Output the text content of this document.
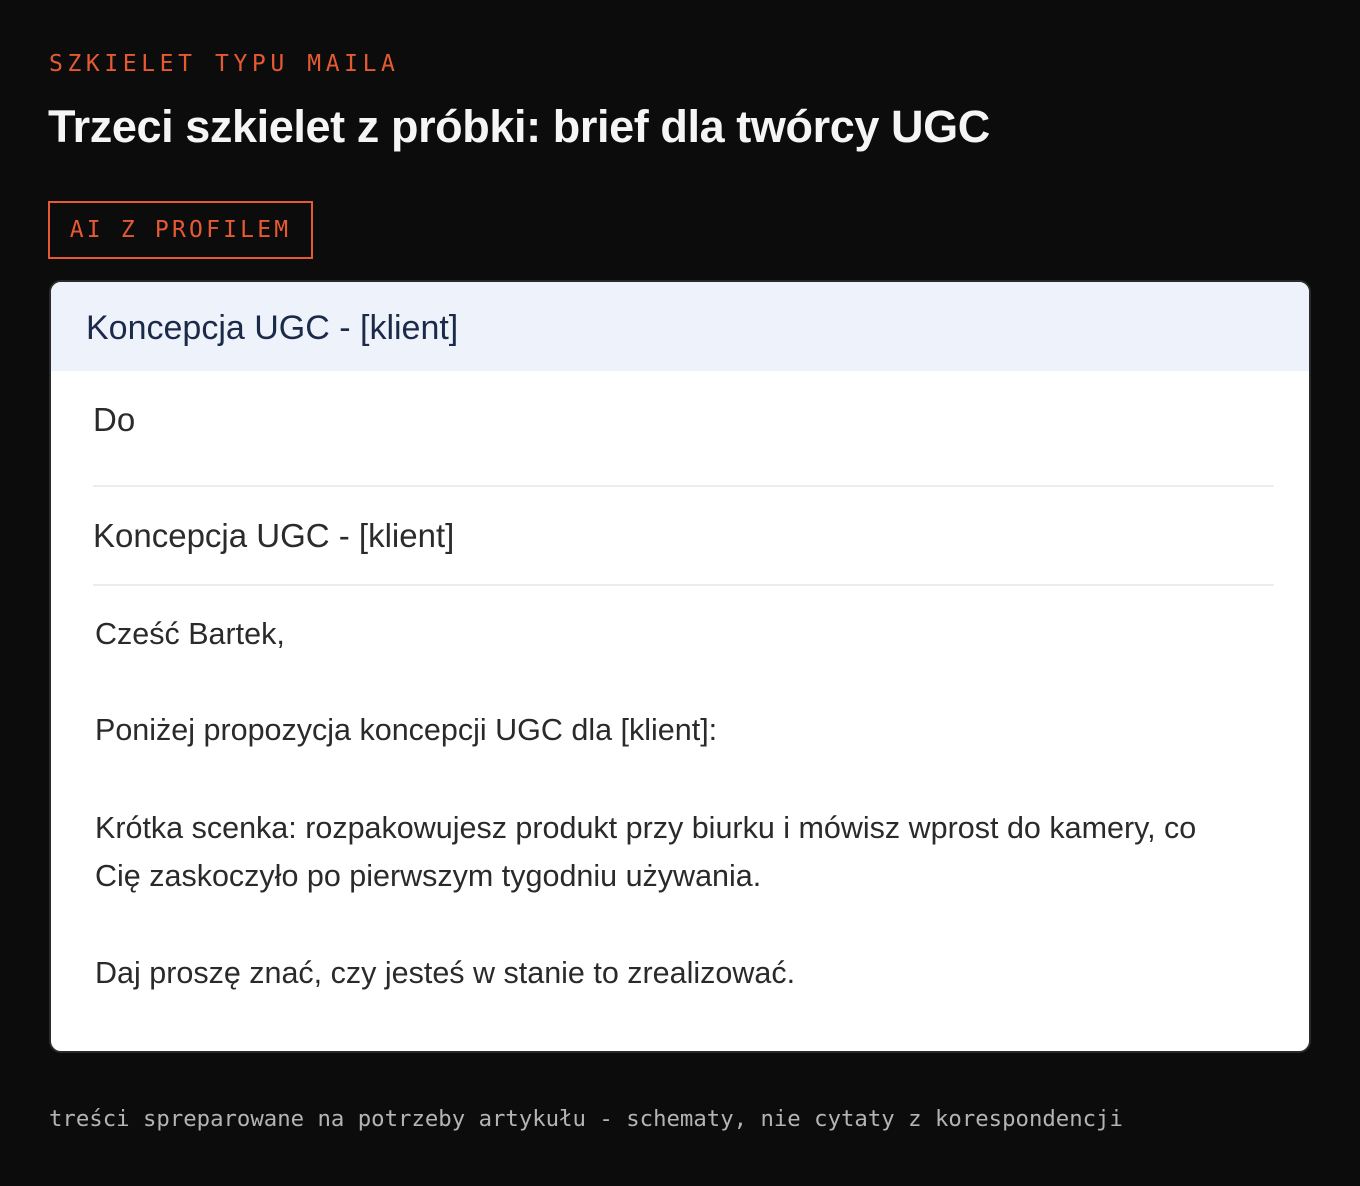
SZKIELET TYPU MAILA
Trzeci szkielet z próbki: brief dla twórcy UGC
AI Z PROFILEM
Koncepcja UGC - [klient]
Do
Koncepcja UGC - [klient]
Cześć Bartek,
Poniżej propozycja koncepcji UGC dla [klient]:
Krótka scenka: rozpakowujesz produkt przy biurku i mówisz wprost do kamery, co
Cię zaskoczyło po pierwszym tygodniu używania.
Daj proszę znać, czy jesteś w stanie to zrealizować.
treści spreparowane na potrzeby artykułu - schematy, nie cytaty z korespondencji
